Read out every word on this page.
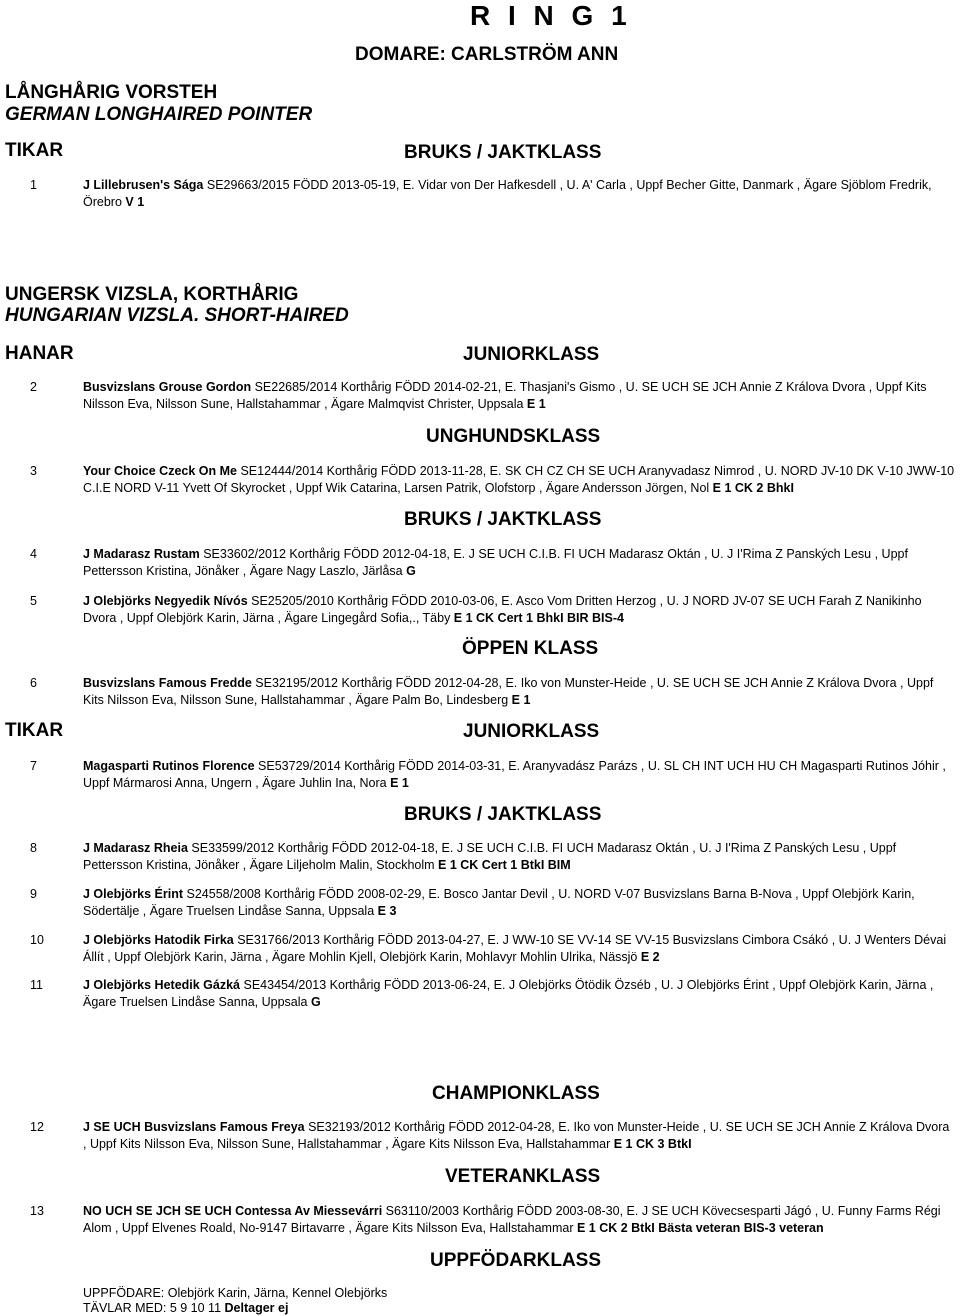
R I N G 1
DOMARE: CARLSTRÖM ANN
LÅNGHÅRIG VORSTEH
GERMAN LONGHAIRED POINTER
TIKAR	BRUKS / JAKTKLASS
1	J Lillebrusen's Sága SE29663/2015 FÖDD 2013-05-19, E. Vidar von Der Hafkesdell , U. A' Carla , Uppf Becher Gitte, Danmark , Ägare Sjöblom Fredrik, Örebro V 1
UNGERSK VIZSLA, KORTHÅRIG
HUNGARIAN VIZSLA. SHORT-HAIRED
HANAR	JUNIORKLASS
2	Busvizslans Grouse Gordon SE22685/2014 Korthårig FÖDD 2014-02-21, E. Thasjani's Gismo , U. SE UCH SE JCH Annie Z Králova Dvora , Uppf Kits Nilsson Eva, Nilsson Sune, Hallstahammar , Ägare Malmqvist Christer, Uppsala E 1
UNGHUNDSKLASS
3	Your Choice Czeck On Me SE12444/2014 Korthårig FÖDD 2013-11-28, E. SK CH CZ CH SE UCH Aranyvadasz Nimrod , U. NORD JV-10 DK V-10 JWW-10 C.I.E NORD V-11 Yvett Of Skyrocket , Uppf Wik Catarina, Larsen Patrik, Olofstorp , Ägare Andersson Jörgen, Nol E 1 CK 2 BhkI
BRUKS / JAKTKLASS
4	J Madarasz Rustam SE33602/2012 Korthårig FÖDD 2012-04-18, E. J SE UCH C.I.B. FI UCH Madarasz Oktán , U. J I'Rima Z Panských Lesu , Uppf Pettersson Kristina, Jönåker , Ägare Nagy Laszlo, Järlåsa G
5	J Olebjörks Negyedik Nívós SE25205/2010 Korthårig FÖDD 2010-03-06, E. Asco Vom Dritten Herzog , U. J NORD JV-07 SE UCH Farah Z Nanikinho Dvora , Uppf Olebjörk Karin, Järna , Ägare Lingegård Sofia,., Täby E 1 CK Cert 1 BhkI BIR BIS-4
ÖPPEN KLASS
6	Busvizslans Famous Fredde SE32195/2012 Korthårig FÖDD 2012-04-28, E. Iko von Munster-Heide , U. SE UCH SE JCH Annie Z Králova Dvora , Uppf Kits Nilsson Eva, Nilsson Sune, Hallstahammar , Ägare Palm Bo, Lindesberg E 1
TIKAR	JUNIORKLASS
7	Magasparti Rutinos Florence SE53729/2014 Korthårig FÖDD 2014-03-31, E. Aranyvadász Parázs , U. SL CH INT UCH HU CH Magasparti Rutinos Jóhir , Uppf Mármarosi Anna, Ungern , Ägare Juhlin Ina, Nora E 1
BRUKS / JAKTKLASS
8	J Madarasz Rheia SE33599/2012 Korthårig FÖDD 2012-04-18, E. J SE UCH C.I.B. FI UCH Madarasz Oktán , U. J I'Rima Z Panských Lesu , Uppf Pettersson Kristina, Jönåker , Ägare Liljeholm Malin, Stockholm E 1 CK Cert 1 BtkI BIM
9	J Olebjörks Érint S24558/2008 Korthårig FÖDD 2008-02-29, E. Bosco Jantar Devil , U. NORD V-07 Busvizslans Barna B-Nova , Uppf Olebjörk Karin, Södertälje , Ägare Truelsen Lindåse Sanna, Uppsala E 3
10	J Olebjörks Hatodik Firka SE31766/2013 Korthårig FÖDD 2013-04-27, E. J WW-10 SE VV-14 SE VV-15 Busvizslans Cimbora Csákó , U. J Wenters Dévai Állít , Uppf Olebjörk Karin, Järna , Ägare Mohlin Kjell, Olebjörk Karin, Mohlavyr Mohlin Ulrika, Nässjö E 2
11	J Olebjörks Hetedik Gázká SE43454/2013 Korthårig FÖDD 2013-06-24, E. J Olebjörks Ötödik Özséb , U. J Olebjörks Érint , Uppf Olebjörk Karin, Järna , Ägare Truelsen Lindåse Sanna, Uppsala G
CHAMPIONKLASS
12	J SE UCH Busvizslans Famous Freya SE32193/2012 Korthårig FÖDD 2012-04-28, E. Iko von Munster-Heide , U. SE UCH SE JCH Annie Z Králova Dvora , Uppf Kits Nilsson Eva, Nilsson Sune, Hallstahammar , Ägare Kits Nilsson Eva, Hallstahammar E 1 CK 3 BtkI
VETERANKLASS
13	NO UCH SE JCH SE UCH Contessa Av Miessevárri S63110/2003 Korthårig FÖDD 2003-08-30, E. J SE UCH Kövecsesparti Jágó , U. Funny Farms Régi Alom , Uppf Elvenes Roald, No-9147 Birtavarre , Ägare Kits Nilsson Eva, Hallstahammar E 1 CK 2 BtkI Bästa veteran BIS-3 veteran
UPPFÖDARKLASS
UPPFÖDARE: Olebjörk Karin, Järna, Kennel Olebjörks
TÄVLAR MED: 5 9 10 11 Deltager ej
